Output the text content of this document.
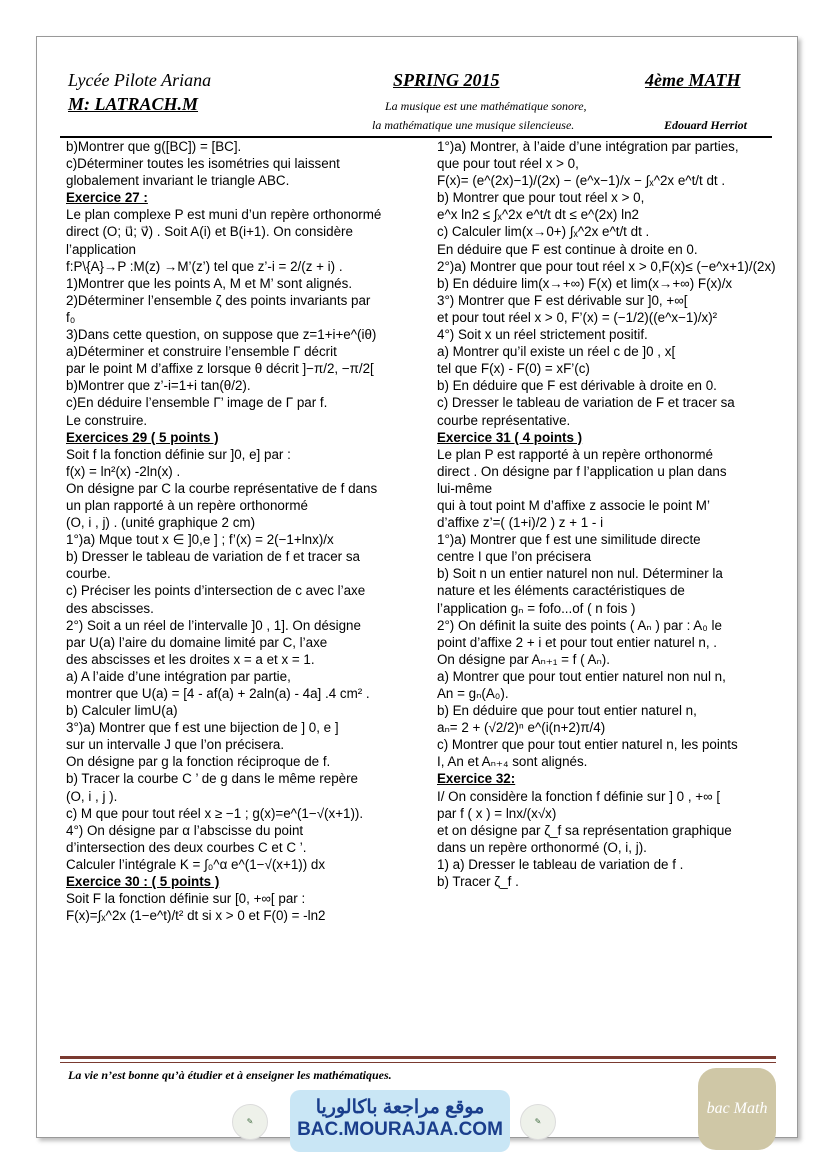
Lycée Pilote Ariana
M: LATRACH.M
SPRING 2015	4ème MATH
La musique est une mathématique sonore,
la mathématique une musique silencieuse.	Edouard Herriot

b)Montrer que g([BC]) = [BC].

c)Déterminer toutes les isométries qui laissent

globalement invariant le triangle ABC.

Exercice 27 :

Le plan complexe P est muni d’un repère orthonormé

direct (O; u⃗; v⃗) . Soit A(i) et B(i+1). On considère

l’application

f:P\{A}→P :M(z) →M’(z’) tel que z’-i = 2/(z + i) .

1)Montrer que les points A, M et M’ sont alignés.

2)Déterminer l’ensemble ζ des points invariants par

f₀

3)Dans cette question, on suppose que z=1+i+e^(iθ)

a)Déterminer et construire l’ensemble Γ décrit

par le point M d’affixe z lorsque θ décrit ]−π/2, −π/2[

b)Montrer que z’-i=1+i tan(θ/2).

c)En déduire l’ensemble Γ’ image de Γ par f.

Le construire.

Exercices 29 ( 5 points )

Soit f la fonction définie sur ]0, e] par :

f(x) = ln²(x) -2ln(x) .

On désigne par C la courbe représentative de f dans

un plan rapporté à un repère orthonormé

(O, i , j) . (unité graphique 2 cm)

1°)a) Mque tout x ∈ ]0,e ] ; f’(x) = 2(−1+lnx)/x

b) Dresser le tableau de variation de f et tracer sa

courbe.

c) Préciser les points d’intersection de c avec l’axe

des abscisses.

2°) Soit a un réel de l’intervalle ]0 , 1]. On désigne

par U(a) l’aire du domaine limité par C, l’axe

des abscisses et les droites x = a et x = 1.

a) A l’aide d’une intégration par partie,

montrer que U(a) = [4 - af(a) + 2aln(a) - 4a] .4 cm² .

b) Calculer limU(a)

3°)a) Montrer que f est une bijection de ] 0, e ]

sur un intervalle J que l’on précisera.

On désigne par g la fonction réciproque de f.

b) Tracer la courbe C ’ de g dans le même repère

(O, i , j ).

c) M que pour tout réel x ≥ −1 ; g(x)=e^(1−√(x+1)).

4°) On désigne par α l’abscisse du point

d’intersection des deux courbes C et C ’.

Calculer l’intégrale K = ∫₀^α e^(1−√(x+1)) dx

Exercice 30 : ( 5 points )

Soit F la fonction définie sur [0, +∞[ par :

F(x)=∫ₓ^2x (1−e^t)/t² dt si x > 0 et F(0) = -ln2

1°)a) Montrer, à l’aide d’une intégration par parties,

que pour tout réel x > 0,

F(x)= (e^(2x)−1)/(2x) − (e^x−1)/x − ∫ₓ^2x e^t/t dt .

b) Montrer que pour tout réel x > 0,

e^x ln2 ≤ ∫ₓ^2x e^t/t dt ≤ e^(2x) ln2

c) Calculer lim(x→0+) ∫ₓ^2x e^t/t dt .

En déduire que F est continue à droite en 0.

2°)a) Montrer que pour tout réel x > 0,F(x)≤ (−e^x+1)/(2x)

b) En déduire lim(x→+∞) F(x) et lim(x→+∞) F(x)/x

3°) Montrer que F est dérivable sur ]0, +∞[

et pour tout réel x > 0, F’(x) = (−1/2)((e^x−1)/x)²

4°) Soit x un réel strictement positif.

a) Montrer qu’il existe un réel c de ]0 , x[

tel que F(x) - F(0) = xF’(c)

b) En déduire que F est dérivable à droite en 0.

c) Dresser le tableau de variation de F et tracer sa

courbe représentative.

Exercice 31 ( 4 points )

Le plan P est rapporté à un repère orthonormé

direct . On désigne par f l’application u plan dans

lui-même

qui à tout point M d’affixe z associe le point M’

d’affixe z’=( (1+i)/2 ) z + 1 - i

1°)a) Montrer que f est une similitude directe

centre I que l’on précisera

b) Soit n un entier naturel non nul. Déterminer la

nature et les éléments caractéristiques de

l’application gₙ = fofo...of ( n fois )

2°) On définit la suite des points ( Aₙ ) par : A₀ le

point d’affixe 2 + i et pour tout entier naturel n, .

On désigne par Aₙ₊₁ = f ( Aₙ).

a) Montrer que pour tout entier naturel non nul n,

An = gₙ(A₀).

b) En déduire que pour tout entier naturel n,

aₙ= 2 + (√2/2)ⁿ e^(i(n+2)π/4)

c) Montrer que pour tout entier naturel n, les points

I, An et Aₙ₊₄ sont alignés.

Exercice 32:

I/ On considère la fonction f définie sur ] 0 , +∞ [

par f ( x ) = lnx/(x√x)

et on désigne par ζ_f sa représentation graphique

dans un repère orthonormé (O, i, j).

1) a) Dresser le tableau de variation de f .

b) Tracer ζ_f .

La vie n’est bonne qu’à étudier et à enseigner les mathématiques.
✎	✎
موقع مراجعة باكالوريا
BAC.MOURAJAA.COM
bac Math
